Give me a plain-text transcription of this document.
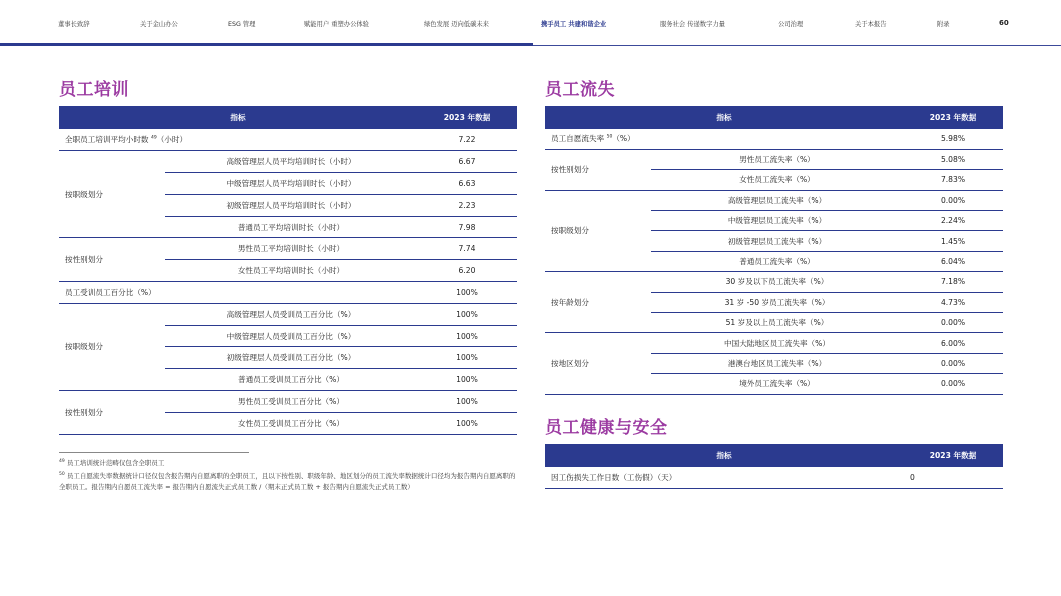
董事长致辞	关于金山办公	ESG 管理	赋能用户 重塑办公体验	绿色发展 迈向低碳未来	携手员工 共建和谐企业	服务社会 传递数字力量	公司治理	关于本报告	附录	60
员工培训
指标		2023 年数据
全职员工培训平均小时数 $^{49}$（小时）		7.22
按职级划分	高级管理层人员平均培训时长（小时）	6.67
	中级管理层人员平均培训时长（小时）	6.63
	初级管理层人员平均培训时长（小时）	2.23
	普通员工平均培训时长（小时）	7.98
按性别划分	男性员工平均培训时长（小时）	7.74
	女性员工平均培训时长（小时）	6.20
员工受训员工百分比（%）		100%
按职级划分	高级管理层人员受训员工百分比（%）	100%
	中级管理层人员受训员工百分比（%）	100%
	初级管理层人员受训员工百分比（%）	100%
	普通员工受训员工百分比（%）	100%
按性别划分	男性员工受训员工百分比（%）	100%
	女性员工受训员工百分比（%）	100%
$^{49}$ 员工培训统计范畴仅包含全职员工
$^{50}$ 员工自愿流失率数据统计口径仅包含报告期内自愿离职的全职员工，且以下按性别、职级年龄、地区划分的员工流失率数据统计口径均为报告期内自愿离职的全职员工。报告期内自愿员工流失率 = 报告期内自愿流失正式员工数 /（期末正式员工数 + 报告期内自愿流失正式员工数）
员工流失
指标		2023 年数据
员工自愿流失率 $^{50}$（%）		5.98%
按性别划分	男性员工流失率（%）	5.08%
	女性员工流失率（%）	7.83%
按职级划分	高级管理层员工流失率（%）	0.00%
	中级管理层员工流失率（%）	2.24%
	初级管理层员工流失率（%）	1.45%
	普通员工流失率（%）	6.04%
按年龄划分	30 岁及以下员工流失率（%）	7.18%
	31 岁 -50 岁员工流失率（%）	4.73%
	51 岁及以上员工流失率（%）	0.00%
按地区划分	中国大陆地区员工流失率（%）	6.00%
	港澳台地区员工流失率（%）	0.00%
	境外员工流失率（%）	0.00%
员工健康与安全
指标	2023 年数据
因工伤损失工作日数（工伤假）（天）	0
